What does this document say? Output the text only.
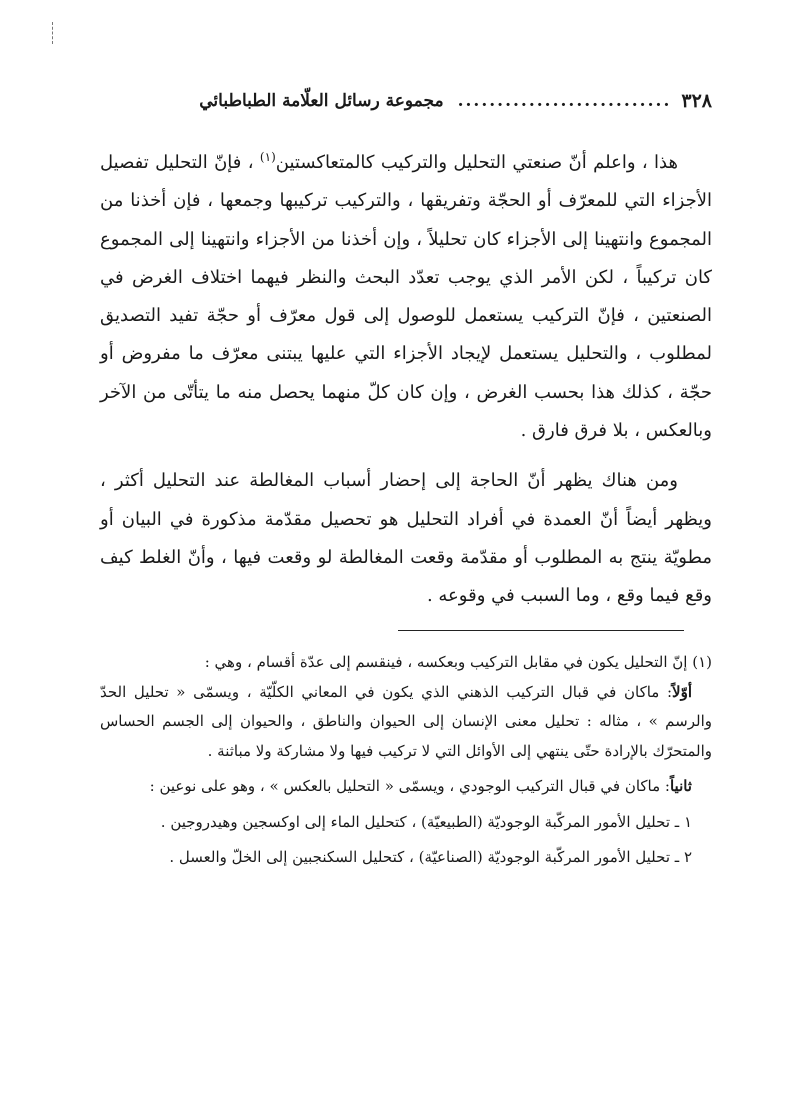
٣٢٨
...........................
مجموعة رسائل العلّامة الطباطبائي

هذا ، واعلم أنّ صنعتي التحليل والتركيب كالمتعاكستين$^{(١)}$ ، فإنّ التحليل تفصيل الأجزاء التي للمعرّف أو الحجّة وتفريقها ، والتركيب تركيبها وجمعها ، فإن أخذنا من المجموع وانتهينا إلى الأجزاء كان تحليلاً ، وإن أخذنا من الأجزاء وانتهينا إلى المجموع كان تركيباً ، لكن الأمر الذي يوجب تعدّد البحث والنظر فيهما اختلاف الغرض في الصنعتين ، فإنّ التركيب يستعمل للوصول إلى قول معرّف أو حجّة تفيد التصديق لمطلوب ، والتحليل يستعمل لإيجاد الأجزاء التي عليها يبتنى معرّف ما مفروض أو حجّة ، كذلك هذا بحسب الغرض ، وإن كان كلّ منهما يحصل منه ما يتأتّى من الآخر وبالعكس ، بلا فرق فارق .

ومن هناك يظهر أنّ الحاجة إلى إحضار أسباب المغالطة عند التحليل أكثر ، ويظهر أيضاً أنّ العمدة في أفراد التحليل هو تحصيل مقدّمة مذكورة في البيان أو مطويّة ينتج به المطلوب أو مقدّمة وقعت المغالطة لو وقعت فيها ، وأنّ الغلط كيف وقع فيما وقع ، وما السبب في وقوعه .

(١) إنّ التحليل يكون في مقابل التركيب وبعكسه ، فينقسم إلى عدّة أقسام ، وهي :

أوّلاً: ماكان في قبال التركيب الذهني الذي يكون في المعاني الكلّيّة ، ويسمّى « تحليل الحدّ والرسم » ، مثاله : تحليل معنى الإنسان إلى الحيوان والناطق ، والحيوان إلى الجسم الحساس والمتحرّك بالإرادة حتّى ينتهي إلى الأوائل التي لا تركيب فيها ولا مشاركة ولا مباثنة .

ثانياً: ماكان في قبال التركيب الوجودي ، ويسمّى « التحليل بالعكس » ، وهو على نوعين :

١ ـ تحليل الأمور المركّبة الوجوديّة (الطبيعيّة) ، كتحليل الماء إلى اوكسجين وهيدروجين .

٢ ـ تحليل الأمور المركّبة الوجوديّة (الصناعيّة) ، كتحليل السكنجبين إلى الخلّ والعسل .
